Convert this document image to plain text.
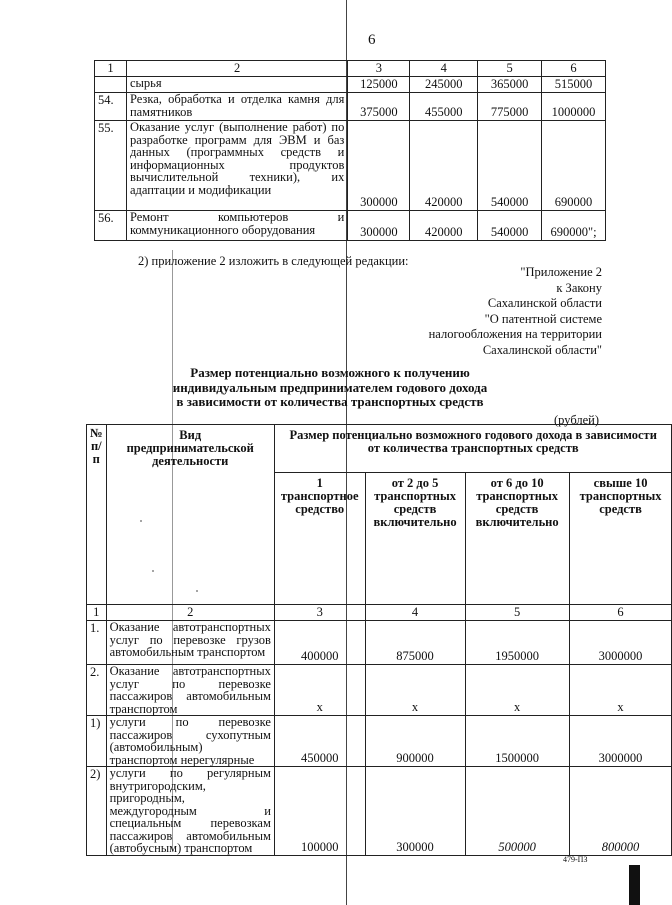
6
1	2	3	4	5	6
	сырья	125000	245000	365000	515000
54.	Резка, обработка и отделка камня для памятников	375000	455000	775000	1000000
55.	Оказание услуг (выполнение работ) по разработке программ для ЭВМ и баз данных (программных средств и информационных продуктов вычислительной техники), их адаптации и модификации	300000	420000	540000	690000
56.	Ремонт компьютеров и коммуникационного оборудования	300000	420000	540000	690000";
2) приложение 2 изложить в следующей редакции:
"Приложение 2
к Закону
Сахалинской области
"О патентной системе
налогообложения на территории
Сахалинской области"
Размер потенциально возможного к получению
индивидуальным предпринимателем годового дохода
в зависимости от количества транспортных средств
(рублей)
№ п/п	Вид предпринимательской деятельности	Размер потенциально возможного годового дохода в зависимости от количества транспортных средств			
		1 транспортное средство	от 2 до 5 транспортных средств включительно	от 6 до 10 транспортных средств включительно	свыше 10 транспортных средств
1	2	3	4	5	6
1.	Оказание автотранспортных услуг по перевозке грузов автомобильным транспортом	400000	875000	1950000	3000000
2.	Оказание автотранспортных услуг по перевозке пассажиров автомобильным транспортом	х	х	х	х
1)	услуги по перевозке пассажиров сухопутным (автомобильным) транспортом нерегулярные	450000	900000	1500000	3000000
2)	услуги по регулярным внутригородским, пригородным, междугородным и специальным перевозкам пассажиров автомобильным (автобусным) транспортом	100000	300000	500000	800000
479-ПЗ
